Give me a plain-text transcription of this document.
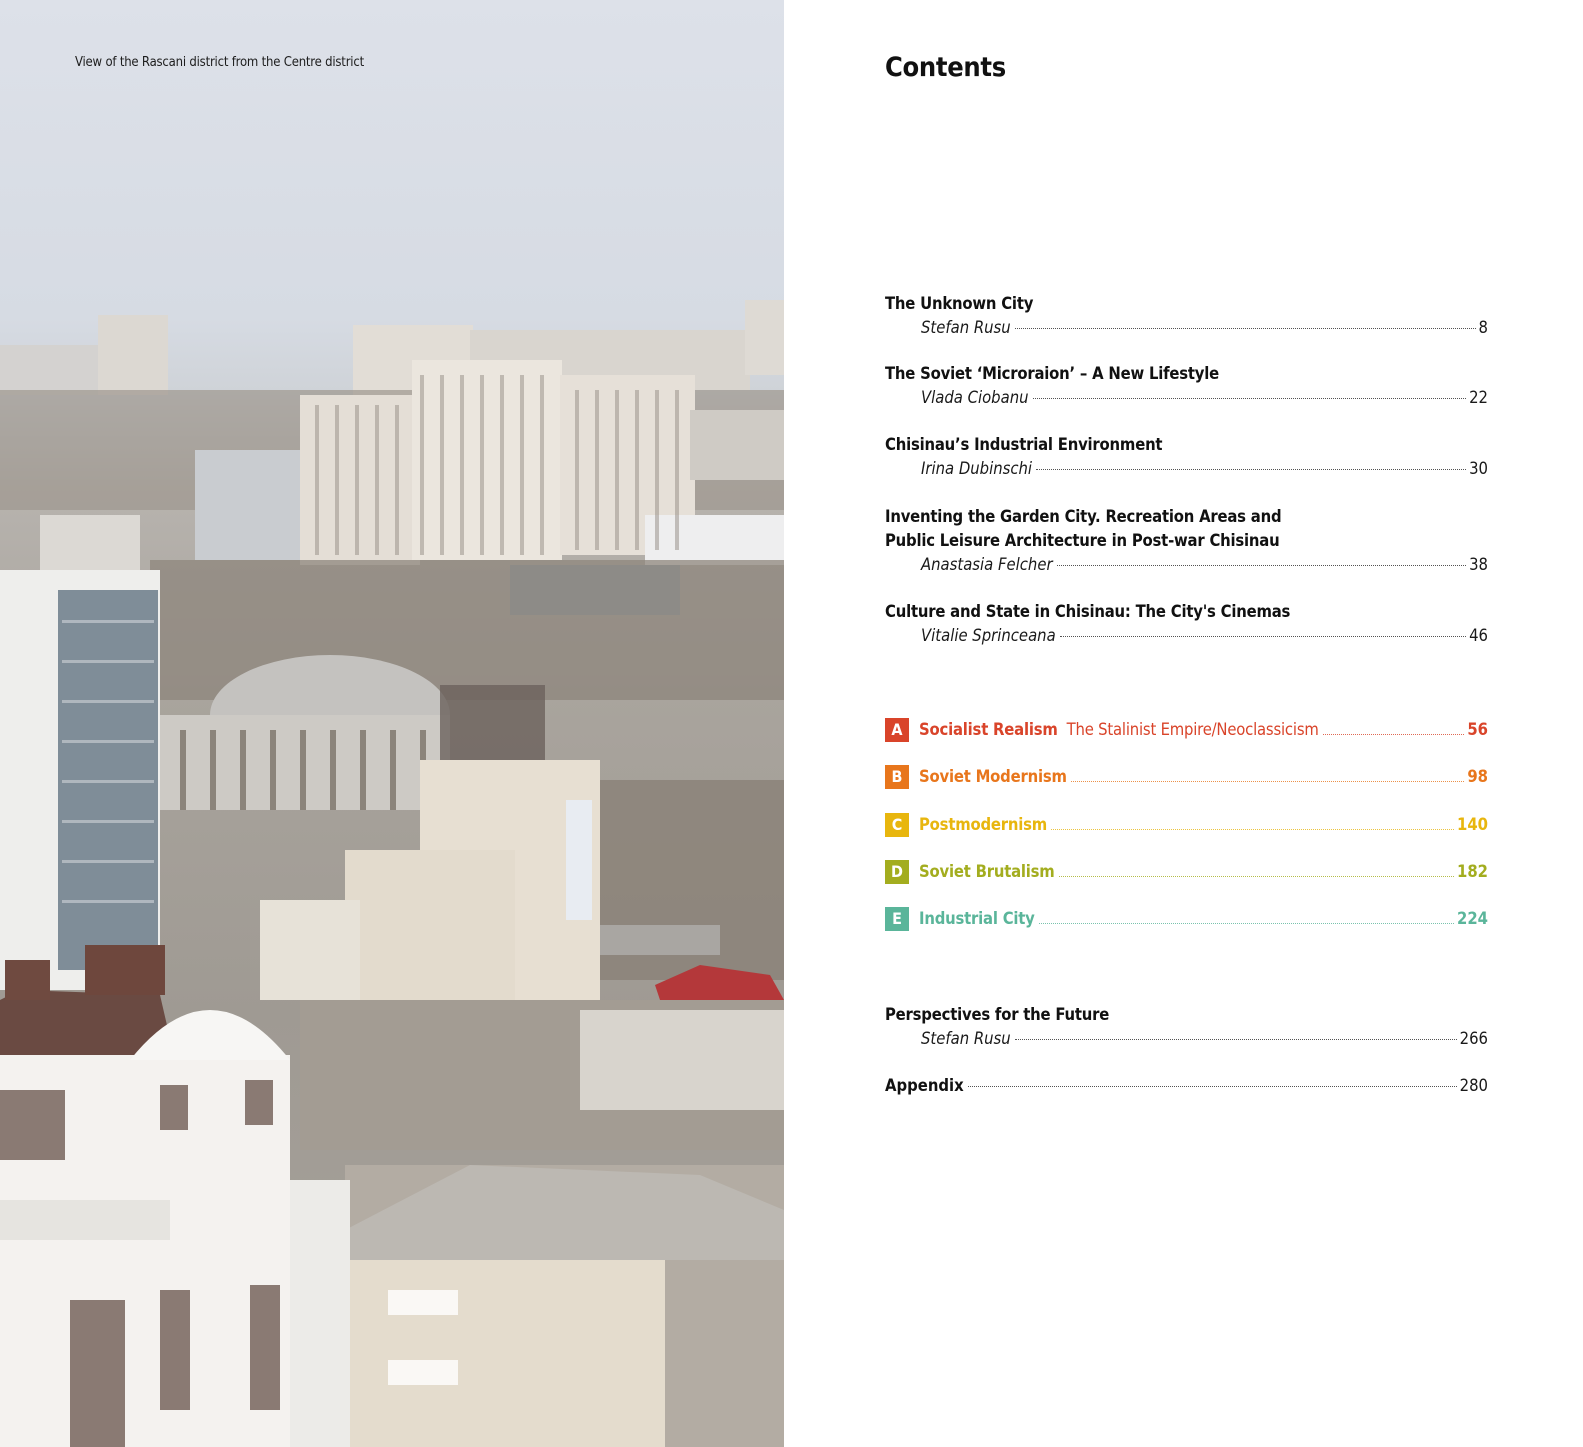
View of the Rascani district from the Centre district	Contents
The Unknown City
Stefan Rusu	8
The Soviet ‘Microraion’ – A New Lifestyle
Vlada Ciobanu	22
Chisinau’s Industrial Environment
Irina Dubinschi	30
Inventing the Garden City. Recreation Areas and
Public Leisure Architecture in Post-war Chisinau
Anastasia Felcher	38
Culture and State in Chisinau: The City's Cinemas
Vitalie Sprinceana	46
A Socialist Realism The Stalinist Empire/Neoclassicism	56
B	Soviet Modernism	98
C	Postmodernism	140
D Soviet Brutalism	182
E	Industrial City	224
Perspectives for the Future
Stefan Rusu	266
Appendix	280
